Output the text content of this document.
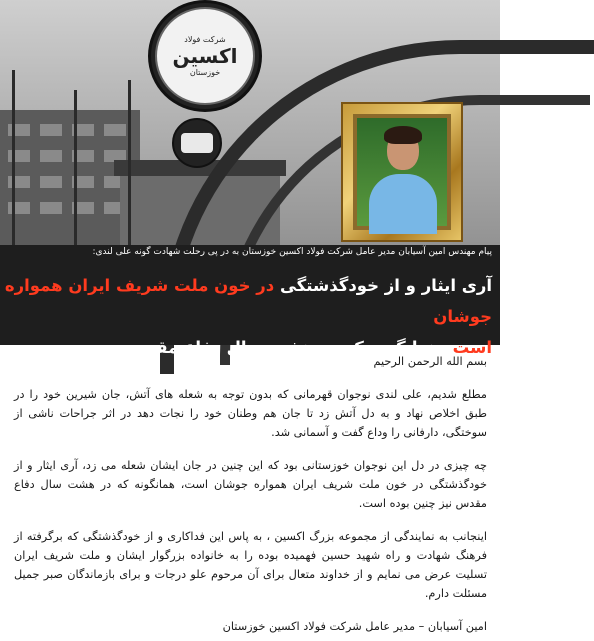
شرکت فولاد
اکسین
خوزستان
پیام مهندس امین آسیابان مدیر عامل شرکت فولاد اکسین خوزستان به در پی رحلت شهادت گونه علی لندی:
آری ایثار و از خودگذشتگی در خون ملت شریف ایران همواره جوشان
است، همانگونه که در هشت سال دفاع مقدس نیز چنین بوده است.

بسم الله الرحمن الرحیم

مطلع شدیم، علی لندی نوجوان قهرمانی که بدون توجه به شعله های آتش، جان شیرین خود را در طبق اخلاص نهاد و به دل آتش زد تا جان هم وطنان خود را نجات دهد در اثر جراحات ناشی از سوختگی، دارفانی را وداع گفت و آسمانی شد.

چه چیزی در دل این نوجوان خوزستانی بود که این چنین در جان ایشان شعله می زد، آری ایثار و از خودگذشتگی در خون ملت شریف ایران همواره جوشان است، همانگونه که در هشت سال دفاع مقدس نیز چنین بوده است.

اینجانب به نمایندگی از مجموعه بزرگ اکسین ، به پاس این فداکاری و از خودگذشتگی که برگرفته از فرهنگ شهادت و راه شهید حسین فهمیده بوده را به خانواده بزرگوار ایشان و ملت شریف ایران تسلیت عرض می نمایم و از خداوند متعال برای آن مرحوم علو درجات و برای بازماندگان صبر جمیل مسئلت دارم.

امین آسیابان – مدیر عامل شرکت فولاد اکسین خوزستان
